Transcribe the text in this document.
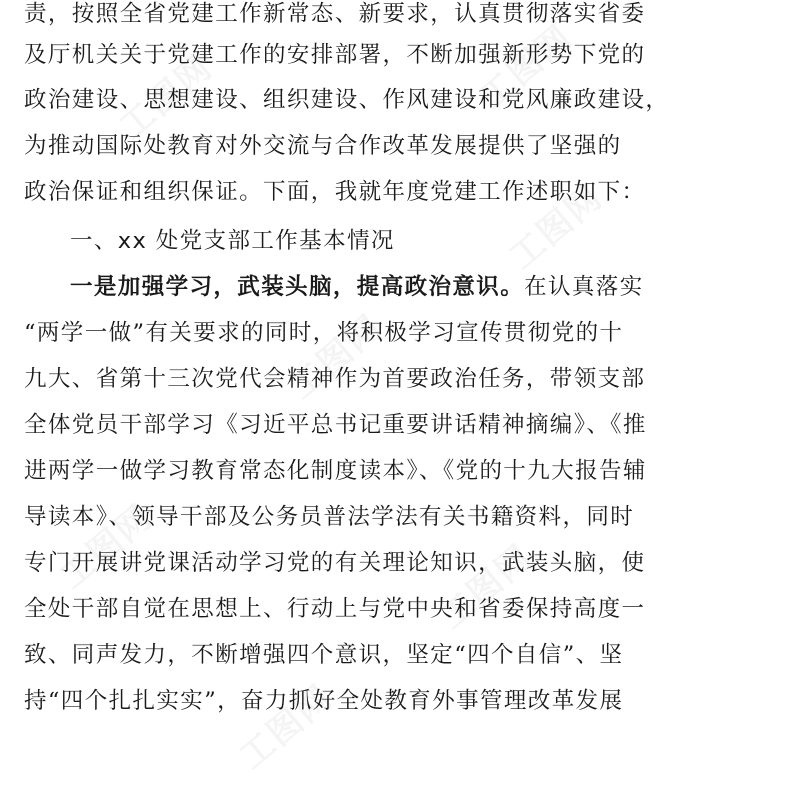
工图网	工图网
工图网
工图网
工图网	工图网
工图网
责，按照全省党建工作新常态、新要求，认真贯彻落实省委
及厅机关关于党建工作的安排部署，不断加强新形势下党的
政治建设、思想建设、组织建设、作风建设和党风廉政建设，
为推动国际处教育对外交流与合作改革发展提供了坚强的
政治保证和组织保证。下面，我就年度党建工作述职如下：
一、xx 处党支部工作基本情况
一是加强学习，武装头脑，提高政治意识。在认真落实
“两学一做”有关要求的同时，将积极学习宣传贯彻党的十
九大、省第十三次党代会精神作为首要政治任务，带领支部
全体党员干部学习《习近平总书记重要讲话精神摘编》、《推
进两学一做学习教育常态化制度读本》、《党的十九大报告辅
导读本》、领导干部及公务员普法学法有关书籍资料，同时
专门开展讲党课活动学习党的有关理论知识，武装头脑，使
全处干部自觉在思想上、行动上与党中央和省委保持高度一
致、同声发力，不断增强四个意识，坚定“四个自信”、坚
持“四个扎扎实实”，奋力抓好全处教育外事管理改革发展
